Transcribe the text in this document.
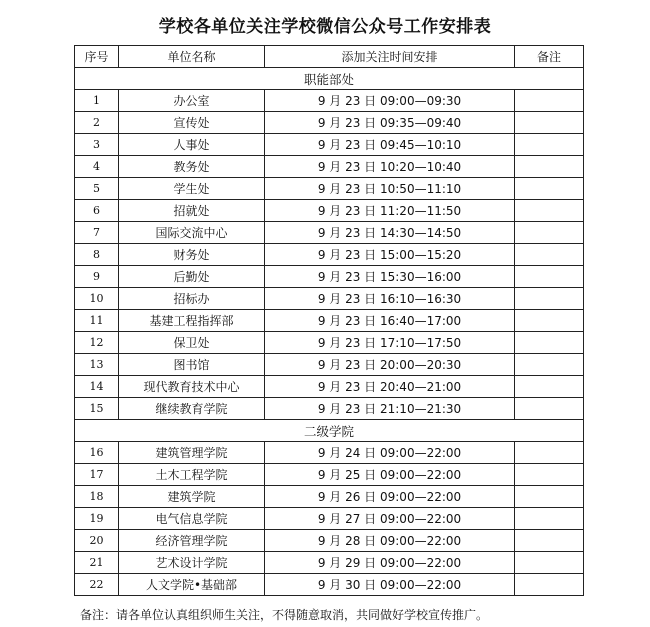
学校各单位关注学校微信公众号工作安排表
序号	单位名称	添加关注时间安排	备注
职能部处			
1	办公室	9 月 23 日 09:00—09:30	
2	宣传处	9 月 23 日 09:35—09:40	
3	人事处	9 月 23 日 09:45—10:10	
4	教务处	9 月 23 日 10:20—10:40	
5	学生处	9 月 23 日 10:50—11:10	
6	招就处	9 月 23 日 11:20—11:50	
7	国际交流中心	9 月 23 日 14:30—14:50	
8	财务处	9 月 23 日 15:00—15:20	
9	后勤处	9 月 23 日 15:30—16:00	
10	招标办	9 月 23 日 16:10—16:30	
11	基建工程指挥部	9 月 23 日 16:40—17:00	
12	保卫处	9 月 23 日 17:10—17:50	
13	图书馆	9 月 23 日 20:00—20:30	
14	现代教育技术中心	9 月 23 日 20:40—21:00	
15	继续教育学院	9 月 23 日 21:10—21:30	
二级学院			
16	建筑管理学院	9 月 24 日 09:00—22:00	
17	土木工程学院	9 月 25 日 09:00—22:00	
18	建筑学院	9 月 26 日 09:00—22:00	
19	电气信息学院	9 月 27 日 09:00—22:00	
20	经济管理学院	9 月 28 日 09:00—22:00	
21	艺术设计学院	9 月 29 日 09:00—22:00	
22	人文学院•基础部	9 月 30 日 09:00—22:00	
备注：请各单位认真组织师生关注，不得随意取消，共同做好学校宣传推广。
